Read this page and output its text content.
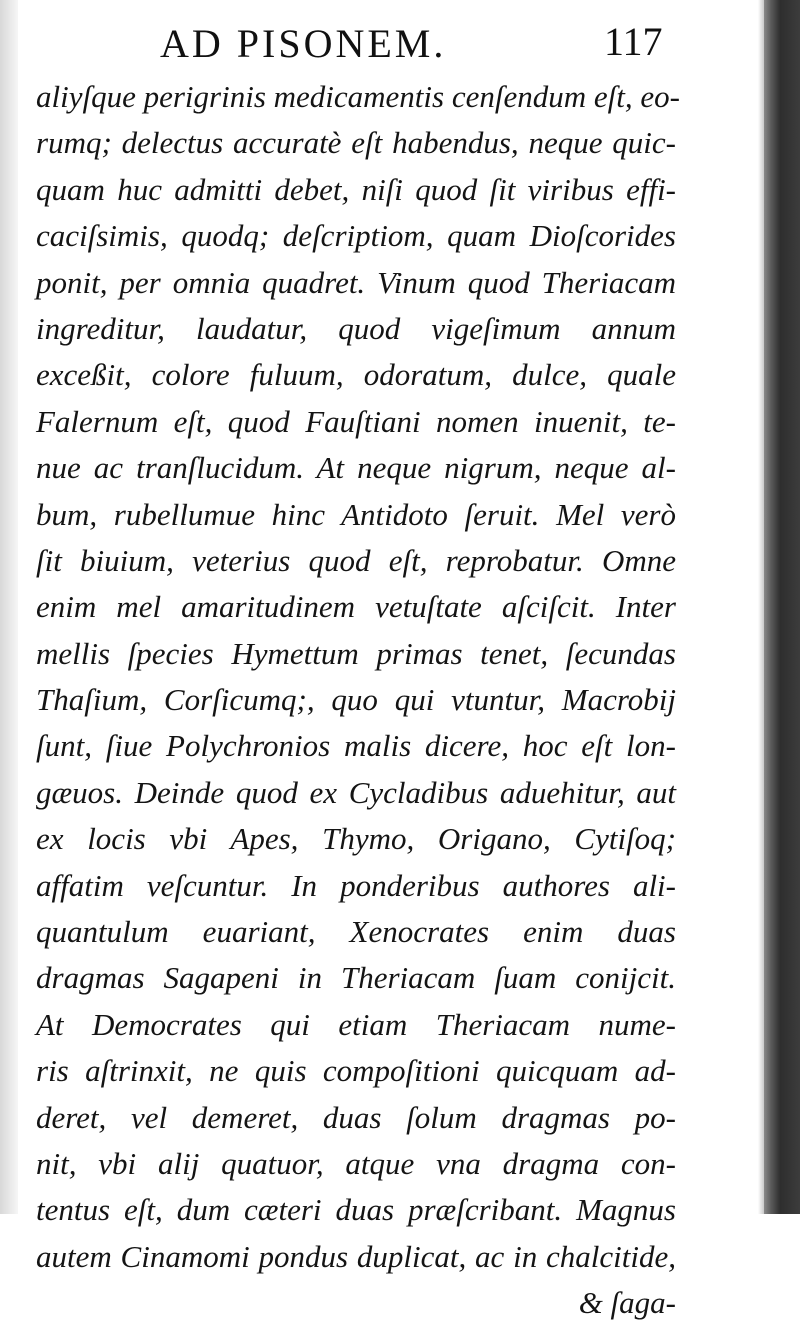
AD PISONEM.	117
aliyſque perigrinis medicamentis cenſendum eſt, eo-
rumq; delectus accuratè eſt habendus, neque quic-
quam huc admitti debet, niſi quod ſit viribus effi-
caciſsimis, quodq; deſcriptiom, quam Dioſcorides
ponit, per omnia quadret. Vinum quod Theriacam
ingreditur, laudatur, quod vigeſimum annum
exceßit, colore fuluum, odoratum, dulce, quale
Falernum eſt, quod Fauſtiani nomen inuenit, te-
nue ac tranſlucidum. At neque nigrum, neque al-
bum, rubellumue hinc Antidoto ſeruit. Mel verò
ſit biuium, veterius quod eſt, reprobatur. Omne
enim mel amaritudinem vetuſtate aſciſcit. Inter
mellis ſpecies Hymettum primas tenet, ſecundas
Thaſium, Corſicumq;, quo qui vtuntur, Macrobij
ſunt, ſiue Polychronios malis dicere, hoc eſt lon-
gæuos. Deinde quod ex Cycladibus aduehitur, aut
ex locis vbi Apes, Thymo, Origano, Cytiſoq;
affatim veſcuntur. In ponderibus authores ali-
quantulum euariant, Xenocrates enim duas
dragmas Sagapeni in Theriacam ſuam conijcit.
At Democrates qui etiam Theriacam nume-
ris aſtrinxit, ne quis compoſitioni quicquam ad-
deret, vel demeret, duas ſolum dragmas po-
nit, vbi alij quatuor, atque vna dragma con-
tentus eſt, dum cæteri duas præſcribant. Magnus
autem Cinamomi pondus duplicat, ac in chalcitide,
& ſaga-
